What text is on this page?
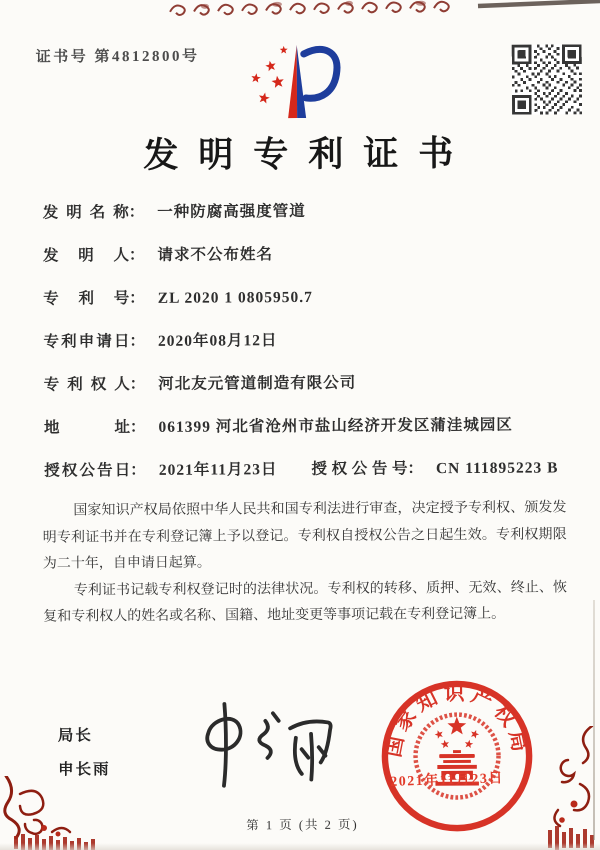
证书号 第4812800号
发明专利证书
发明名称 ： 一种防腐高强度管道
发明人 ： 请求不公布姓名
专利号 ： ZL 2020 1 0805950.7
专利申请日 ： 2020年08月12日
专利权人 ： 河北友元管道制造有限公司
地址 ： 061399 河北省沧州市盐山经济开发区蒲洼城园区
授权公告日 ： 2021年11月23日 授权公告号 ： CN 111895223 B

国家知识产权局依照中华人民共和国专利法进行审查，决定授予专利权、颁发发明专利证书并在专利登记簿上予以登记。专利权自授权公告之日起生效。专利权期限为二十年，自申请日起算。

专利证书记载专利权登记时的法律状况。专利权的转移、质押、无效、终止、恢复和专利权人的姓名或名称、国籍、地址变更等事项记载在专利登记簿上。

局长
申长雨
国家知识产权局
2021年11月23日
第 1 页 (共 2 页)
